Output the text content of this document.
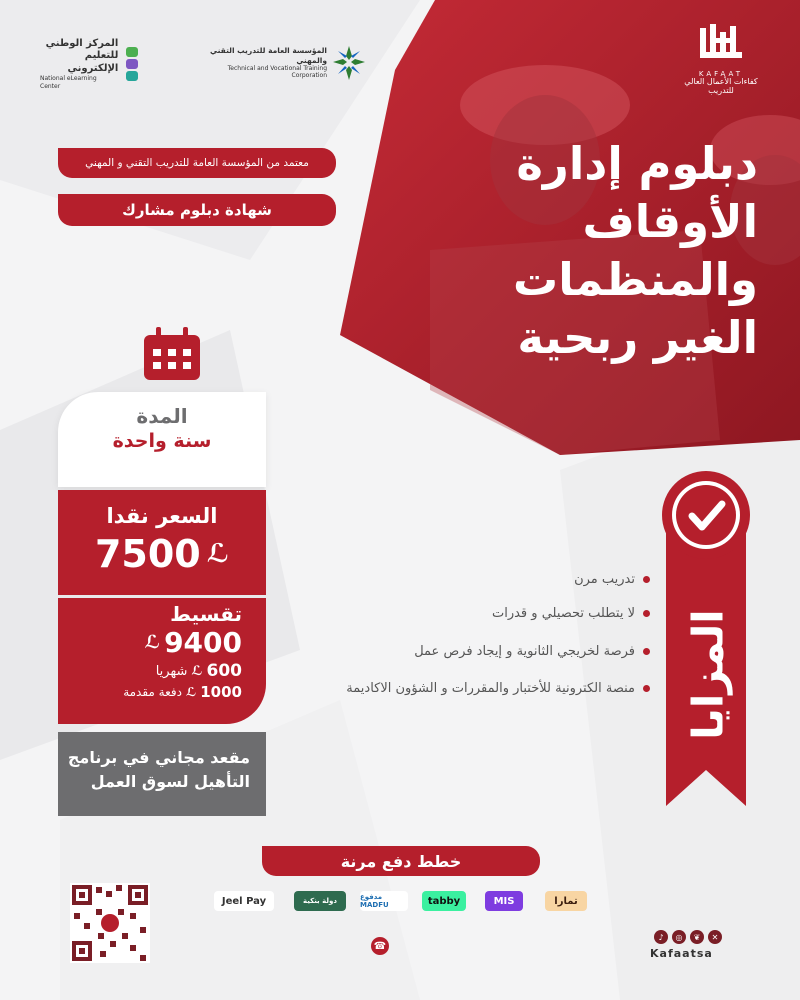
المركز الوطني للتعليم الإلكتروني
National eLearning Center
المؤسسة العامة للتدريب التقني والمهني
Technical and Vocational Training Corporation	KAFAAT
كفاءات الأعمال العالي للتدريب
دبلوم إدارة
الأوقاف
والمنظمات
الغير ربحية
معتمد من المؤسسة العامة للتدريب التقني و المهني
شهادة دبلوم مشارك
المدة
سنة واحدة
السعر نقدا
7500 ℒ
تقسيط
9400
ℒ
600
ℒ
شهريا
1000
ℒ
دفعة مقدمة
مقعد مجاني في برنامج
التأهيل لسوق العمل
المزايا
تدريب مرن
لا يتطلب تحصيلي و قدرات
فرصة لخريجي الثانوية و إيجاد فرص عمل
منصة الكترونية للأختبار والمقررات و الشؤون الاكاديمة
خطط دفع مرنة
تمارا
MIS
tabby
مدفوع MADFU
دولة بنكية
Jeel Pay
☎
♪	◎	❦	✕
Kafaatsa
